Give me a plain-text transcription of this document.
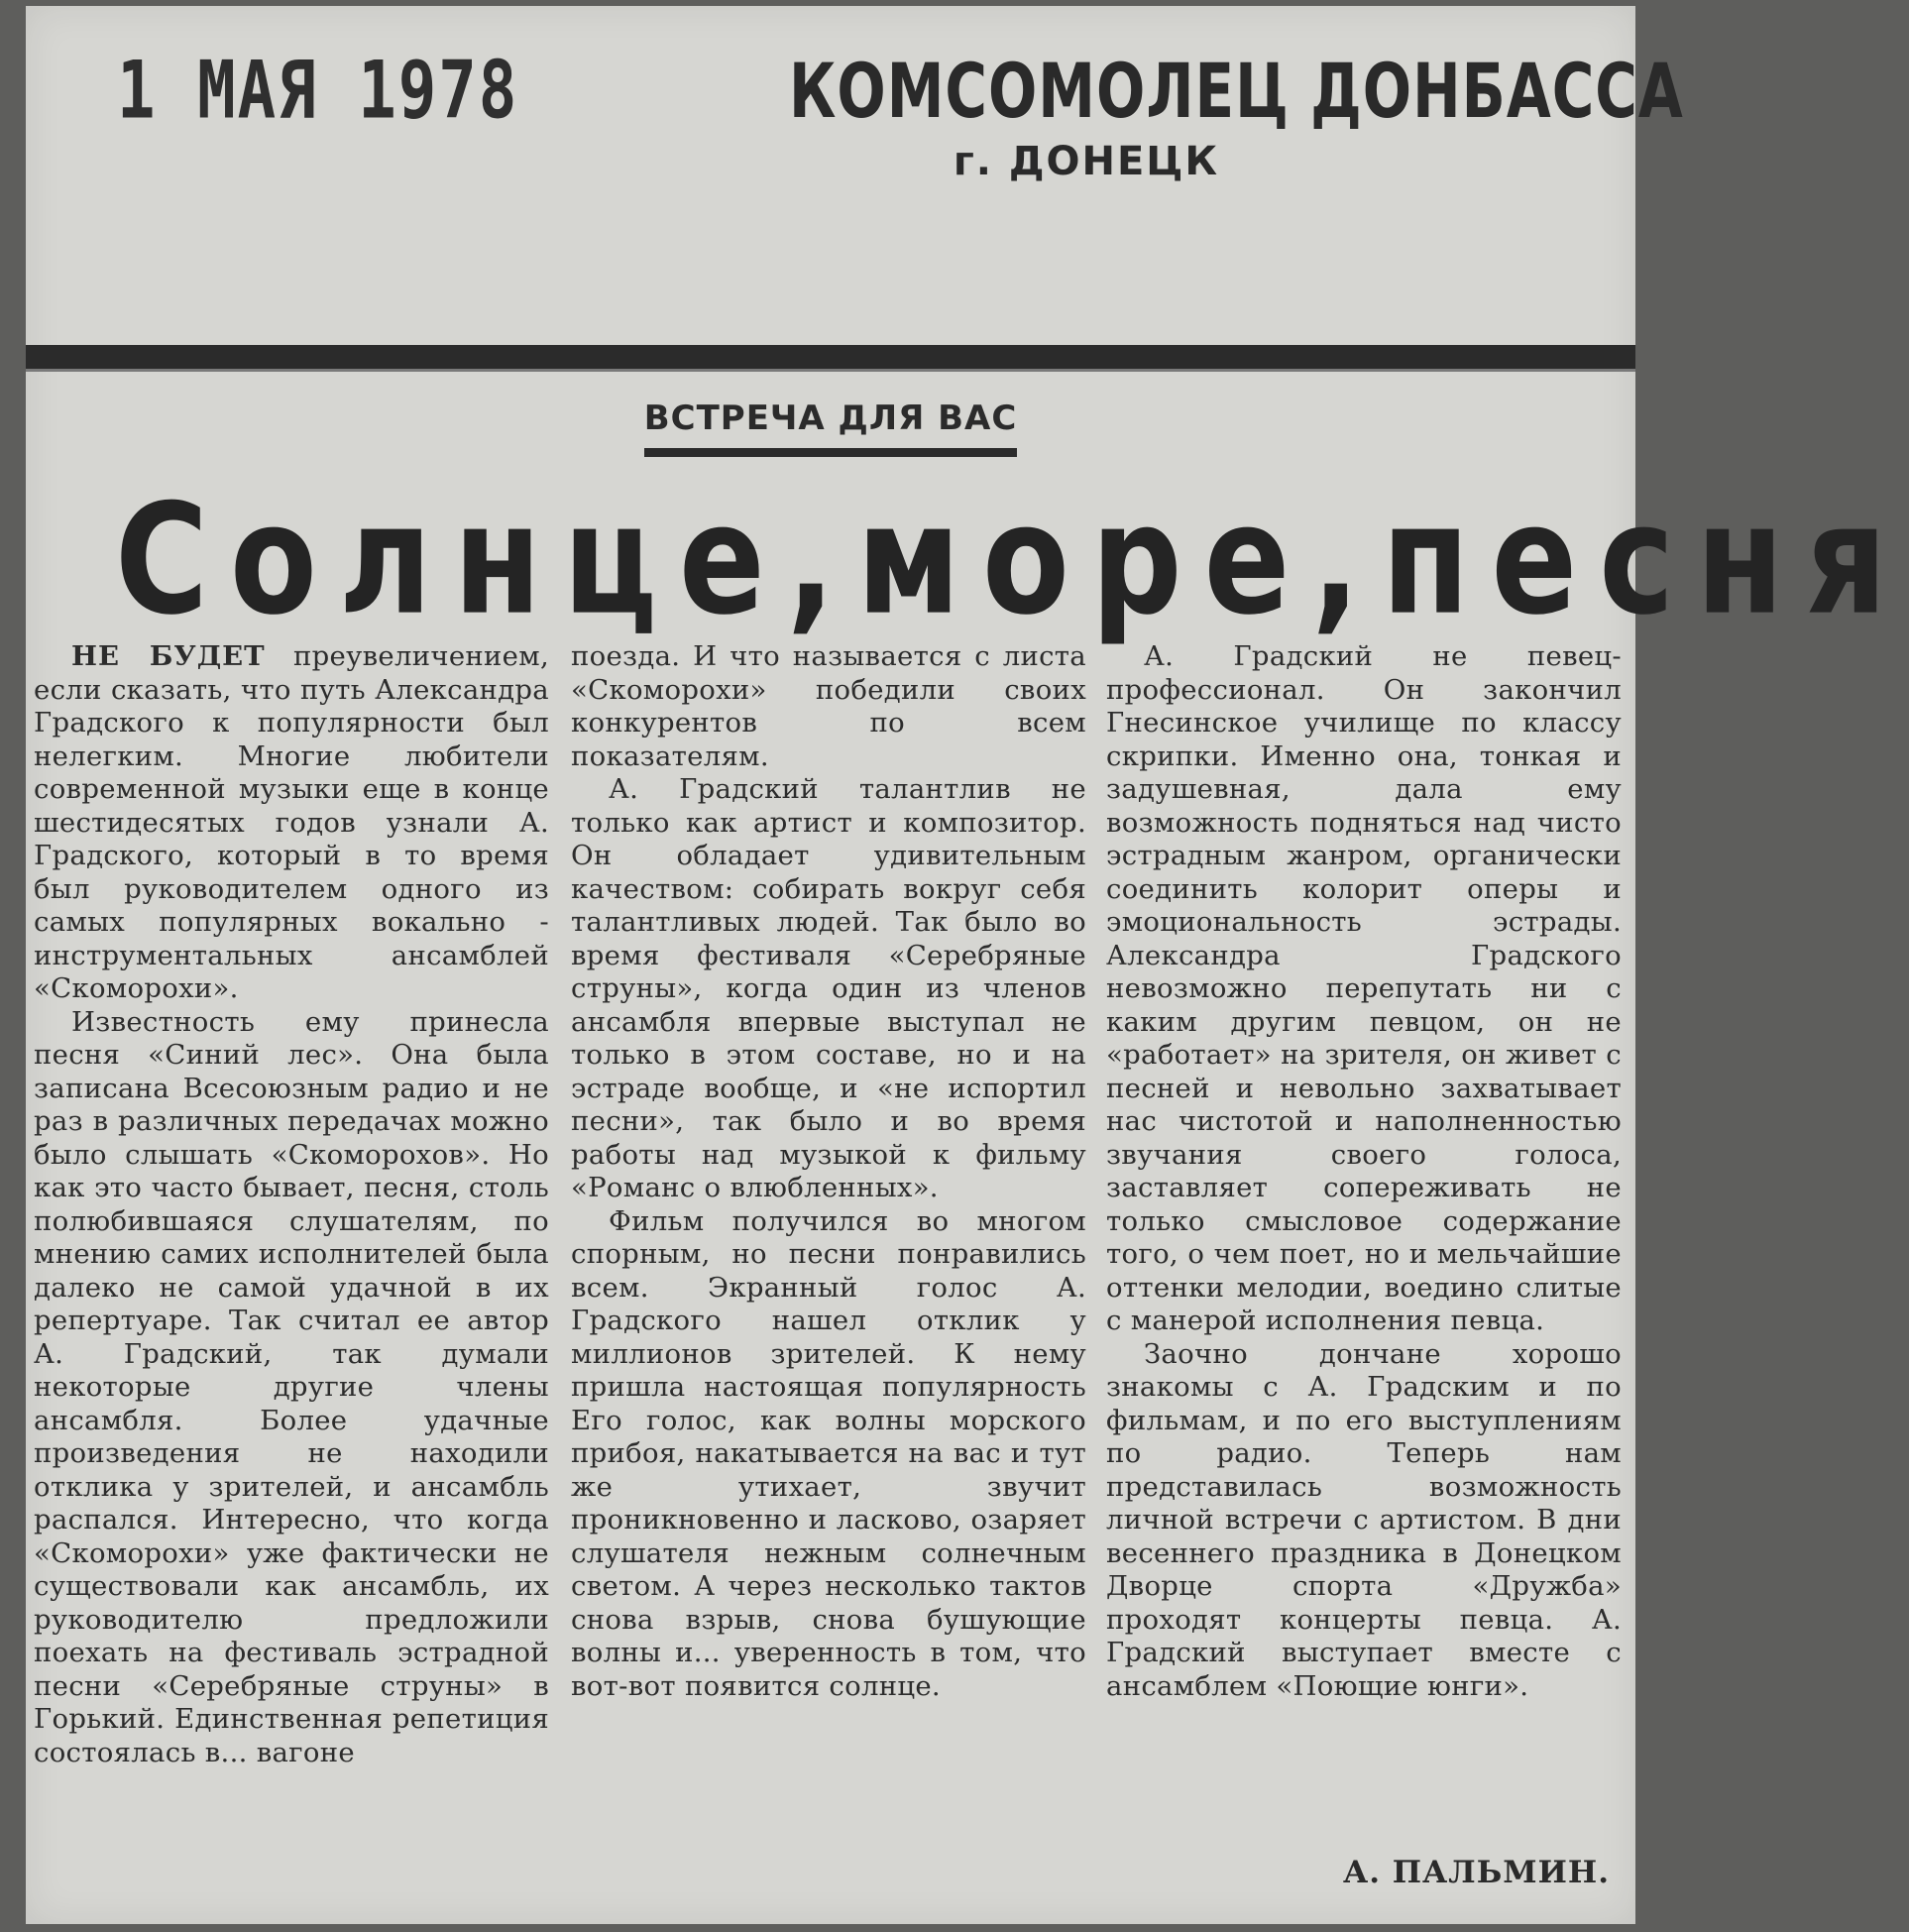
1 МАЯ 1978	КОМСОМОЛЕЦ ДОНБАССА
г. ДОНЕЦК
ВСТРЕЧА ДЛЯ ВАС
Солнце, море, песня

НЕ БУДЕТ преувеличением, если сказать, что путь Александра Градского к популярности был нелегким. Многие любители современной музыки еще в конце шестидесятых годов узнали А. Градского, который в то время был руководителем одного из самых популярных вокально - инструментальных ансамблей «Скоморохи».

Известность ему принесла песня «Синий лес». Она была записана Всесоюзным радио и не раз в различных передачах можно было слышать «Скоморохов». Но как это часто бывает, песня, столь полюбившаяся слушателям, по мнению самих исполнителей была далеко не самой удачной в их репертуаре. Так считал ее автор А. Градский, так думали некоторые другие члены ансамбля. Более удачные произведения не находили отклика у зрителей, и ансамбль распался. Интересно, что когда «Скоморохи» уже фактически не существовали как ансамбль, их руководителю предложили поехать на фестиваль эстрадной песни «Серебряные струны» в Горький. Единственная репетиция состоялась в... вагоне

поезда. И что называется с листа «Скоморохи» победили своих конкурентов по всем показателям.

А. Градский талантлив не только как артист и композитор. Он обладает удивительным качеством: собирать вокруг себя талантливых людей. Так было во время фестиваля «Серебряные струны», когда один из членов ансамбля впервые выступал не только в этом составе, но и на эстраде вообще, и «не испортил песни», так было и во время работы над музыкой к фильму «Романс о влюбленных».

Фильм получился во многом спорным, но песни понравились всем. Экранный голос А. Градского нашел отклик у миллионов зрителей. К нему пришла настоящая популярность Его голос, как волны морского прибоя, накатывается на вас и тут же утихает, звучит проникновенно и ласково, озаряет слушателя нежным солнечным светом. А через несколько тактов снова взрыв, снова бушующие волны и... уверенность в том, что вот-вот появится солнце.

А. Градский не певец-профессионал. Он закончил Гнесинское училище по классу скрипки. Именно она, тонкая и задушевная, дала ему возможность подняться над чисто эстрадным жанром, органически соединить колорит оперы и эмоциональность эстрады. Александра Градского невозможно перепутать ни с каким другим певцом, он не «работает» на зрителя, он живет с песней и невольно захватывает нас чистотой и наполненностью звучания своего голоса, заставляет сопереживать не только смысловое содержание того, о чем поет, но и мельчайшие оттенки мелодии, воедино слитые с манерой исполнения певца.

Заочно дончане хорошо знакомы с А. Градским и по фильмам, и по его выступлениям по радио. Теперь нам представилась возможность личной встречи с артистом. В дни весеннего праздника в Донецком Дворце спорта «Дружба» проходят концерты певца. А. Градский выступает вместе с ансамблем «Поющие юнги».

А. ПАЛЬМИН.
